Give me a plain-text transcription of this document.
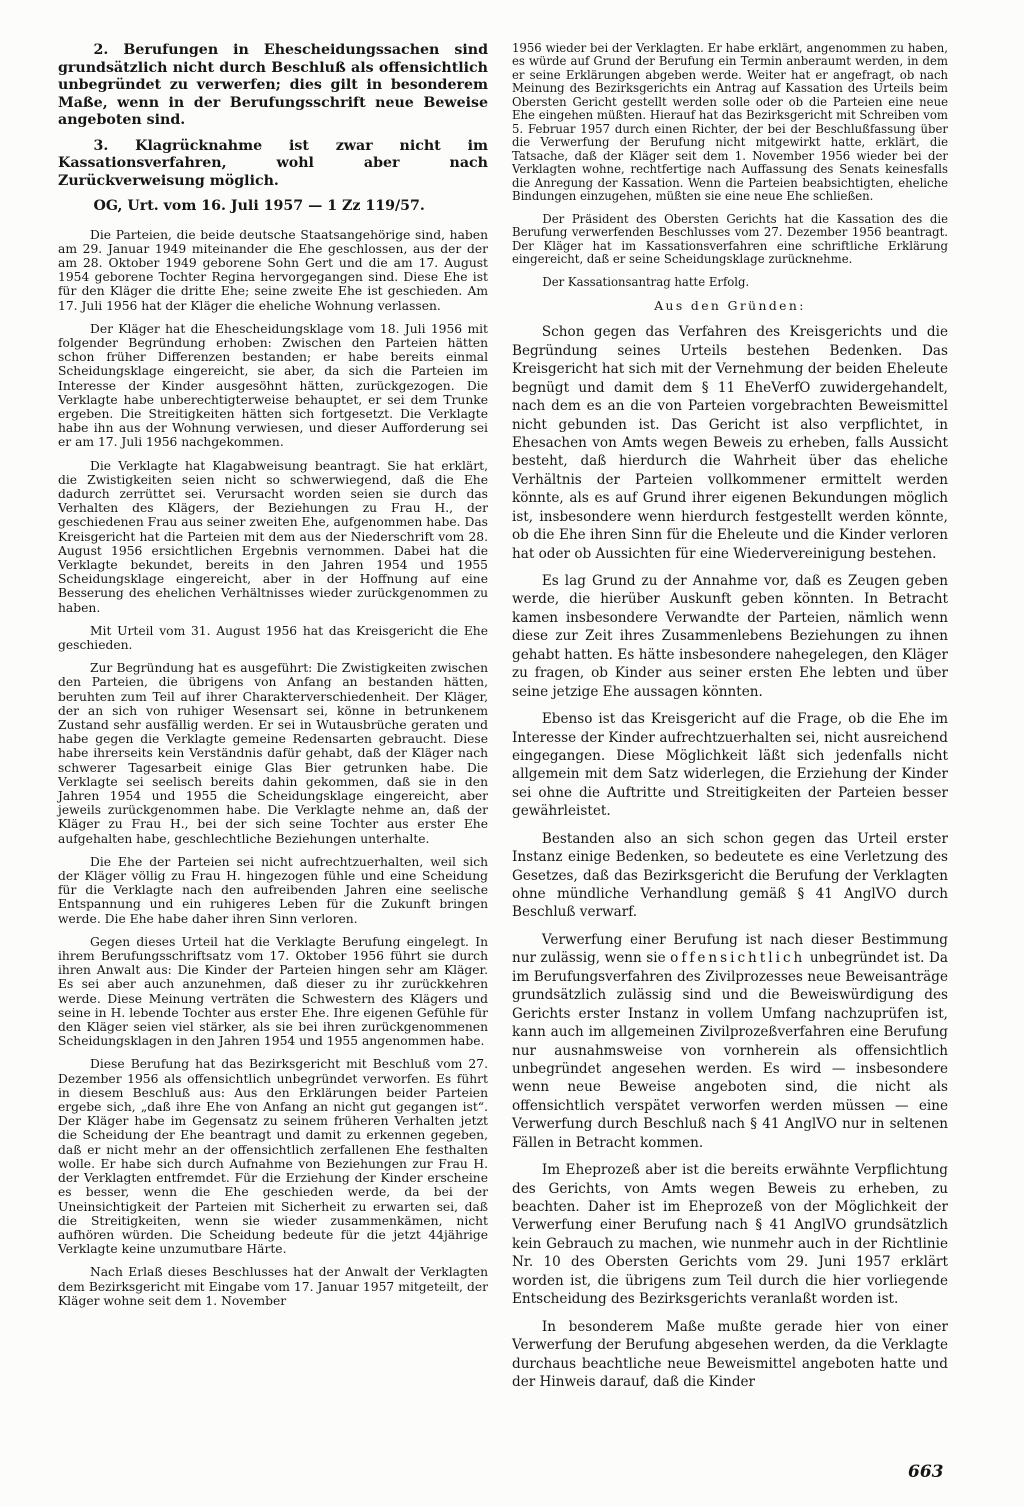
2. Berufungen in Ehescheidungssachen sind grundsätzlich nicht durch Beschluß als offensichtlich unbegründet zu verwerfen; dies gilt in besonderem Maße, wenn in der Berufungsschrift neue Beweise angeboten sind.

3. Klagrücknahme ist zwar nicht im Kassationsverfahren, wohl aber nach Zurückverweisung möglich.

OG, Urt. vom 16. Juli 1957 — 1 Zz 119/57.

Die Parteien, die beide deutsche Staatsangehörige sind, haben am 29. Januar 1949 miteinander die Ehe geschlossen, aus der der am 28. Oktober 1949 geborene Sohn Gert und die am 17. August 1954 geborene Tochter Regina hervorgegangen sind. Diese Ehe ist für den Kläger die dritte Ehe; seine zweite Ehe ist geschieden. Am 17. Juli 1956 hat der Kläger die eheliche Wohnung verlassen.

Der Kläger hat die Ehescheidungsklage vom 18. Juli 1956 mit folgender Begründung erhoben: Zwischen den Parteien hätten schon früher Differenzen bestanden; er habe bereits einmal Scheidungsklage eingereicht, sie aber, da sich die Parteien im Interesse der Kinder ausgesöhnt hätten, zurückgezogen. Die Verklagte habe unberechtigterweise behauptet, er sei dem Trunke ergeben. Die Streitigkeiten hätten sich fortgesetzt. Die Verklagte habe ihn aus der Wohnung verwiesen, und dieser Aufforderung sei er am 17. Juli 1956 nachgekommen.

Die Verklagte hat Klagabweisung beantragt. Sie hat erklärt, die Zwistigkeiten seien nicht so schwerwiegend, daß die Ehe dadurch zerrüttet sei. Verursacht worden seien sie durch das Verhalten des Klägers, der Beziehungen zu Frau H., der geschiedenen Frau aus seiner zweiten Ehe, aufgenommen habe. Das Kreisgericht hat die Parteien mit dem aus der Niederschrift vom 28. August 1956 ersichtlichen Ergebnis vernommen. Dabei hat die Verklagte bekundet, bereits in den Jahren 1954 und 1955 Scheidungsklage eingereicht, aber in der Hoffnung auf eine Besserung des ehelichen Verhältnisses wieder zurückgenommen zu haben.

Mit Urteil vom 31. August 1956 hat das Kreisgericht die Ehe geschieden.

Zur Begründung hat es ausgeführt: Die Zwistigkeiten zwischen den Parteien, die übrigens von Anfang an bestanden hätten, beruhten zum Teil auf ihrer Charakterverschiedenheit. Der Kläger, der an sich von ruhiger Wesensart sei, könne in betrunkenem Zustand sehr ausfällig werden. Er sei in Wutausbrüche geraten und habe gegen die Verklagte gemeine Redensarten gebraucht. Diese habe ihrerseits kein Verständnis dafür gehabt, daß der Kläger nach schwerer Tagesarbeit einige Glas Bier getrunken habe. Die Verklagte sei seelisch bereits dahin gekommen, daß sie in den Jahren 1954 und 1955 die Scheidungsklage eingereicht, aber jeweils zurückgenommen habe. Die Verklagte nehme an, daß der Kläger zu Frau H., bei der sich seine Tochter aus erster Ehe aufgehalten habe, geschlechtliche Beziehungen unterhalte.

Die Ehe der Parteien sei nicht aufrechtzuerhalten, weil sich der Kläger völlig zu Frau H. hingezogen fühle und eine Scheidung für die Verklagte nach den aufreibenden Jahren eine seelische Entspannung und ein ruhigeres Leben für die Zukunft bringen werde. Die Ehe habe daher ihren Sinn verloren.

Gegen dieses Urteil hat die Verklagte Berufung eingelegt. In ihrem Berufungsschriftsatz vom 17. Oktober 1956 führt sie durch ihren Anwalt aus: Die Kinder der Parteien hingen sehr am Kläger. Es sei aber auch anzunehmen, daß dieser zu ihr zurückkehren werde. Diese Meinung verträten die Schwestern des Klägers und seine in H. lebende Tochter aus erster Ehe. Ihre eigenen Gefühle für den Kläger seien viel stärker, als sie bei ihren zurückgenommenen Scheidungsklagen in den Jahren 1954 und 1955 angenommen habe.

Diese Berufung hat das Bezirksgericht mit Beschluß vom 27. Dezember 1956 als offensichtlich unbegründet verworfen. Es führt in diesem Beschluß aus: Aus den Erklärungen beider Parteien ergebe sich, „daß ihre Ehe von Anfang an nicht gut gegangen ist“. Der Kläger habe im Gegensatz zu seinem früheren Verhalten jetzt die Scheidung der Ehe beantragt und damit zu erkennen gegeben, daß er nicht mehr an der offensichtlich zerfallenen Ehe festhalten wolle. Er habe sich durch Aufnahme von Beziehungen zur Frau H. der Verklagten entfremdet. Für die Erziehung der Kinder erscheine es besser, wenn die Ehe geschieden werde, da bei der Uneinsichtigkeit der Parteien mit Sicherheit zu erwarten sei, daß die Streitigkeiten, wenn sie wieder zusammenkämen, nicht aufhören würden. Die Scheidung bedeute für die jetzt 44jährige Verklagte keine unzumutbare Härte.

Nach Erlaß dieses Beschlusses hat der Anwalt der Verklagten dem Bezirksgericht mit Eingabe vom 17. Januar 1957 mitgeteilt, der Kläger wohne seit dem 1. November

1956 wieder bei der Verklagten. Er habe erklärt, angenommen zu haben, es würde auf Grund der Berufung ein Termin anberaumt werden, in dem er seine Erklärungen abgeben werde. Weiter hat er angefragt, ob nach Meinung des Bezirksgerichts ein Antrag auf Kassation des Urteils beim Obersten Gericht gestellt werden solle oder ob die Parteien eine neue Ehe eingehen müßten. Hierauf hat das Bezirksgericht mit Schreiben vom 5. Februar 1957 durch einen Richter, der bei der Beschlußfassung über die Verwerfung der Berufung nicht mitgewirkt hatte, erklärt, die Tatsache, daß der Kläger seit dem 1. November 1956 wieder bei der Verklagten wohne, rechtfertige nach Auffassung des Senats keinesfalls die Anregung der Kassation. Wenn die Parteien beabsichtigten, eheliche Bindungen einzugehen, müßten sie eine neue Ehe schließen.

Der Präsident des Obersten Gerichts hat die Kassation des die Berufung verwerfenden Beschlusses vom 27. Dezember 1956 beantragt. Der Kläger hat im Kassationsverfahren eine schriftliche Erklärung eingereicht, daß er seine Scheidungsklage zurücknehme.

Der Kassationsantrag hatte Erfolg.

Aus den Gründen:

Schon gegen das Verfahren des Kreisgerichts und die Begründung seines Urteils bestehen Bedenken. Das Kreisgericht hat sich mit der Vernehmung der beiden Eheleute begnügt und damit dem § 11 EheVerfO zuwidergehandelt, nach dem es an die von Parteien vorgebrachten Beweismittel nicht gebunden ist. Das Gericht ist also verpflichtet, in Ehesachen von Amts wegen Beweis zu erheben, falls Aussicht besteht, daß hierdurch die Wahrheit über das eheliche Verhältnis der Parteien vollkommener ermittelt werden könnte, als es auf Grund ihrer eigenen Bekundungen möglich ist, insbesondere wenn hierdurch festgestellt werden könnte, ob die Ehe ihren Sinn für die Eheleute und die Kinder verloren hat oder ob Aussichten für eine Wiedervereinigung bestehen.

Es lag Grund zu der Annahme vor, daß es Zeugen geben werde, die hierüber Auskunft geben könnten. In Betracht kamen insbesondere Verwandte der Parteien, nämlich wenn diese zur Zeit ihres Zusammenlebens Beziehungen zu ihnen gehabt hatten. Es hätte insbesondere nahegelegen, den Kläger zu fragen, ob Kinder aus seiner ersten Ehe lebten und über seine jetzige Ehe aussagen könnten.

Ebenso ist das Kreisgericht auf die Frage, ob die Ehe im Interesse der Kinder aufrechtzuerhalten sei, nicht ausreichend eingegangen. Diese Möglichkeit läßt sich jedenfalls nicht allgemein mit dem Satz widerlegen, die Erziehung der Kinder sei ohne die Auftritte und Streitigkeiten der Parteien besser gewährleistet.

Bestanden also an sich schon gegen das Urteil erster Instanz einige Bedenken, so bedeutete es eine Verletzung des Gesetzes, daß das Bezirksgericht die Berufung der Verklagten ohne mündliche Verhandlung gemäß § 41 AnglVO durch Beschluß verwarf.

Verwerfung einer Berufung ist nach dieser Bestimmung nur zulässig, wenn sie offensichtlich unbegründet ist. Da im Berufungsverfahren des Zivilprozesses neue Beweisanträge grundsätzlich zulässig sind und die Beweiswürdigung des Gerichts erster Instanz in vollem Umfang nachzuprüfen ist, kann auch im allgemeinen Zivilprozeßverfahren eine Berufung nur ausnahmsweise von vornherein als offensichtlich unbegründet angesehen werden. Es wird — insbesondere wenn neue Beweise angeboten sind, die nicht als offensichtlich verspätet verworfen werden müssen — eine Verwerfung durch Beschluß nach § 41 AnglVO nur in seltenen Fällen in Betracht kommen.

Im Eheprozeß aber ist die bereits erwähnte Verpflichtung des Gerichts, von Amts wegen Beweis zu erheben, zu beachten. Daher ist im Eheprozeß von der Möglichkeit der Verwerfung einer Berufung nach § 41 AnglVO grundsätzlich kein Gebrauch zu machen, wie nunmehr auch in der Richtlinie Nr. 10 des Obersten Gerichts vom 29. Juni 1957 erklärt worden ist, die übrigens zum Teil durch die hier vorliegende Entscheidung des Bezirksgerichts veranlaßt worden ist.

In besonderem Maße mußte gerade hier von einer Verwerfung der Berufung abgesehen werden, da die Verklagte durchaus beachtliche neue Beweismittel angeboten hatte und der Hinweis darauf, daß die Kinder

663
